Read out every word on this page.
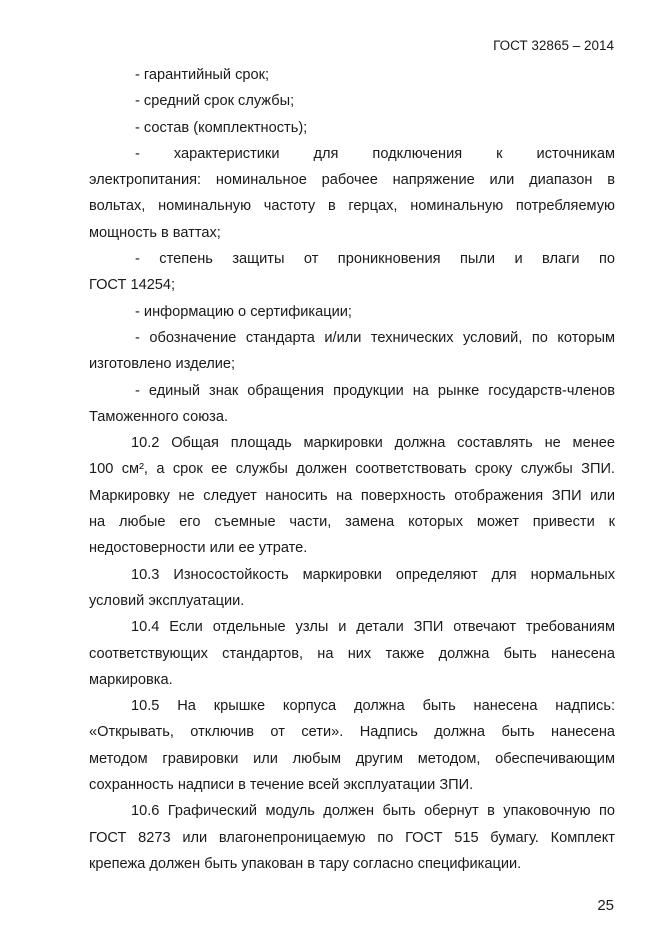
ГОСТ 32865 – 2014
- гарантийный срок;
- средний срок службы;
- состав (комплектность);
- характеристики для подключения к источникам
электропитания: номинальное рабочее напряжение или диапазон в
вольтах, номинальную частоту в герцах, номинальную потребляемую
мощность в ваттах;
- степень защиты от проникновения пыли и влаги по
ГОСТ 14254;
- информацию о сертификации;
- обозначение стандарта и/или технических условий, по которым
изготовлено изделие;
- единый знак обращения продукции на рынке государств-членов
Таможенного союза.
10.2 Общая площадь маркировки должна составлять не менее
100 см², а срок ее службы должен соответствовать сроку службы ЗПИ.
Маркировку не следует наносить на поверхность отображения ЗПИ или
на любые его съемные части, замена которых может привести к
недостоверности или ее утрате.
10.3 Износостойкость маркировки определяют для нормальных
условий эксплуатации.
10.4 Если отдельные узлы и детали ЗПИ отвечают требованиям
соответствующих стандартов, на них также должна быть нанесена
маркировка.
10.5 На крышке корпуса должна быть нанесена надпись:
«Открывать, отключив от сети». Надпись должна быть нанесена
методом гравировки или любым другим методом, обеспечивающим
сохранность надписи в течение всей эксплуатации ЗПИ.
10.6 Графический модуль должен быть обернут в упаковочную по
ГОСТ 8273 или влагонепроницаемую по ГОСТ 515 бумагу. Комплект
крепежа должен быть упакован в тару согласно спецификации.
25
